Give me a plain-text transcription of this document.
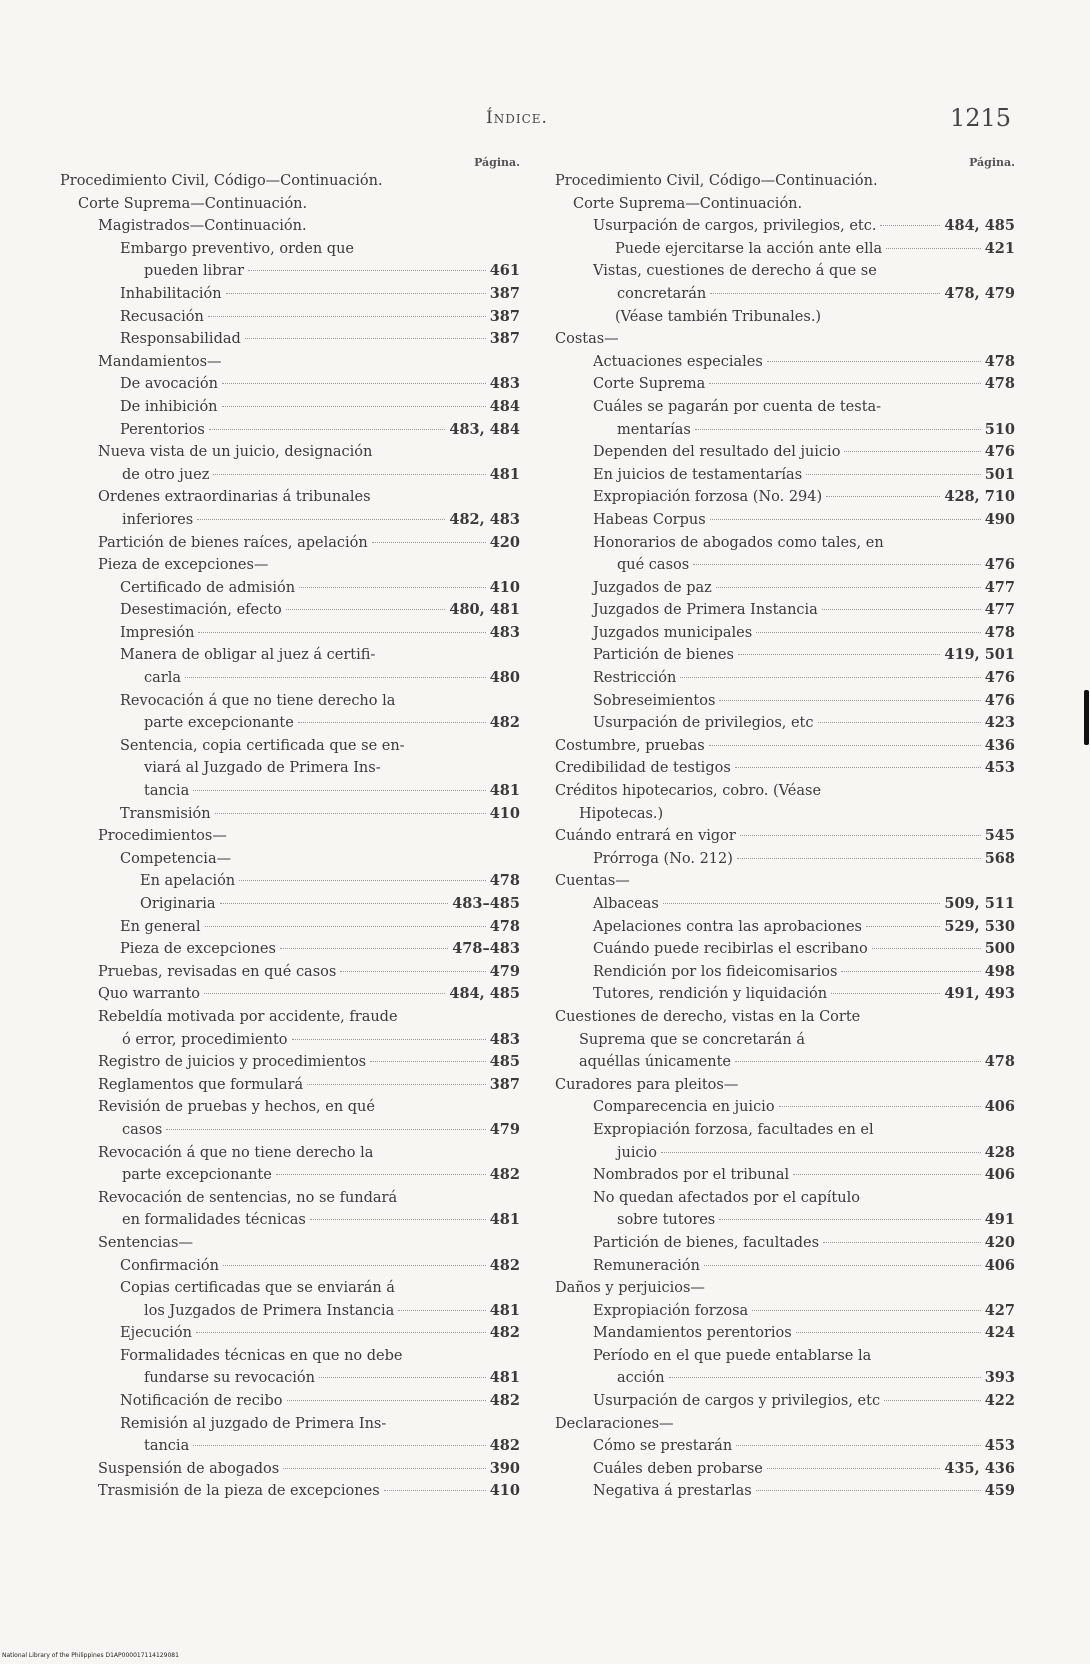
Índice.	1215
Página.
Procedimiento Civil, Código—Continuación.
Corte Suprema—Continuación.
Magistrados—Continuación.
Embargo preventivo, orden que
pueden librar	461
Inhabilitación	387
Recusación	387
Responsabilidad	387
Mandamientos—
De avocación	483
De inhibición	484
Perentorios	483, 484
Nueva vista de un juicio, designación
de otro juez	481
Ordenes extraordinarias á tribunales
inferiores	482, 483
Partición de bienes raíces, apelación	420
Pieza de excepciones—
Certificado de admisión	410
Desestimación, efecto	480, 481
Impresión	483
Manera de obligar al juez á certifi-
carla	480
Revocación á que no tiene derecho la
parte excepcionante	482
Sentencia, copia certificada que se en-
viará al Juzgado de Primera Ins-
tancia	481
Transmisión	410
Procedimientos—
Competencia—
En apelación	478
Originaria	483–485
En general	478
Pieza de excepciones	478–483
Pruebas, revisadas en qué casos	479
Quo warranto	484, 485
Rebeldía motivada por accidente, fraude
ó error, procedimiento	483
Registro de juicios y procedimientos	485
Reglamentos que formulará	387
Revisión de pruebas y hechos, en qué
casos	479
Revocación á que no tiene derecho la
parte excepcionante	482
Revocación de sentencias, no se fundará
en formalidades técnicas	481
Sentencias—
Confirmación	482
Copias certificadas que se enviarán á
los Juzgados de Primera Instancia	481
Ejecución	482
Formalidades técnicas en que no debe
fundarse su revocación	481
Notificación de recibo	482
Remisión al juzgado de Primera Ins-
tancia	482
Suspensión de abogados	390
Trasmisión de la pieza de excepciones	410
Página.
Procedimiento Civil, Código—Continuación.
Corte Suprema—Continuación.
Usurpación de cargos, privilegios, etc.	484, 485
Puede ejercitarse la acción ante ella	421
Vistas, cuestiones de derecho á que se
concretarán	478, 479
(Véase también Tribunales.)
Costas—
Actuaciones especiales	478
Corte Suprema	478
Cuáles se pagarán por cuenta de testa-
mentarías	510
Dependen del resultado del juicio	476
En juicios de testamentarías	501
Expropiación forzosa (No. 294)	428, 710
Habeas Corpus	490
Honorarios de abogados como tales, en
qué casos	476
Juzgados de paz	477
Juzgados de Primera Instancia	477
Juzgados municipales	478
Partición de bienes	419, 501
Restricción	476
Sobreseimientos	476
Usurpación de privilegios, etc	423
Costumbre, pruebas	436
Credibilidad de testigos	453
Créditos hipotecarios, cobro. (Véase
Hipotecas.)
Cuándo entrará en vigor	545
Prórroga (No. 212)	568
Cuentas—
Albaceas	509, 511
Apelaciones contra las aprobaciones	529, 530
Cuándo puede recibirlas el escribano	500
Rendición por los fideicomisarios	498
Tutores, rendición y liquidación	491, 493
Cuestiones de derecho, vistas en la Corte
Suprema que se concretarán á
aquéllas únicamente	478
Curadores para pleitos—
Comparecencia en juicio	406
Expropiación forzosa, facultades en el
juicio	428
Nombrados por el tribunal	406
No quedan afectados por el capítulo
sobre tutores	491
Partición de bienes, facultades	420
Remuneración	406
Daños y perjuicios—
Expropiación forzosa	427
Mandamientos perentorios	424
Período en el que puede entablarse la
acción	393
Usurpación de cargos y privilegios, etc	422
Declaraciones—
Cómo se prestarán	453
Cuáles deben probarse	435, 436
Negativa á prestarlas	459
National Library of the Philippines D1AP000017114129081
